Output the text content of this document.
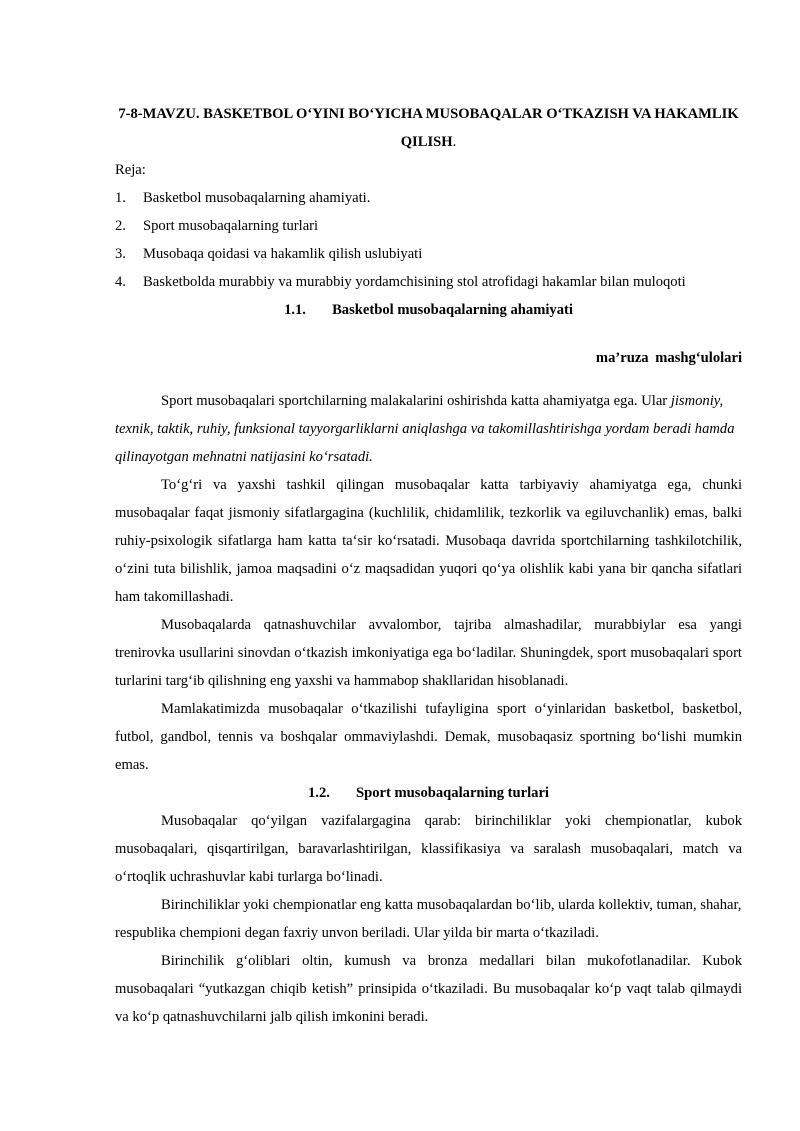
7-8-MAVZU. BASKETBOL O‘YINI BO‘YICHA MUSOBAQALAR O‘TKAZISH VA HAKAMLIK QILISH.

Reja:

1.	Basketbol musobaqalarning ahamiyati.
2.	Sport musobaqalarning turlari
3.	Musobaqa qoidasi va hakamlik qilish uslubiyati
4.	Basketbolda murabbiy va murabbiy yordamchisining stol atrofidagi hakamlar bilan muloqoti
1.1. Basketbol musobaqalarning ahamiyati

ma’ruza mashg‘ulolari

Sport musobaqalari sportchilarning malakalarini oshirishda katta ahamiyatga ega. Ular jismoniy, texnik, taktik, ruhiy, funksional tayyorgarliklarni aniqlashga va takomillashtirishga yordam beradi hamda qilinayotgan mehnatni natijasini ko‘rsatadi.

To‘g‘ri va yaxshi tashkil qilingan musobaqalar katta tarbiyaviy ahamiyatga ega, chunki musobaqalar faqat jismoniy sifatlargagina (kuchlilik, chidamlilik, tezkorlik va egiluvchanlik) emas, balki ruhiy-psixologik sifatlarga ham katta ta‘sir ko‘rsatadi. Musobaqa davrida sportchilarning tashkilotchilik, o‘zini tuta bilishlik, jamoa maqsadini o‘z maqsadidan yuqori qo‘ya olishlik kabi yana bir qancha sifatlari ham takomillashadi.

Musobaqalarda qatnashuvchilar avvalombor, tajriba almashadilar, murabbiylar esa yangi trenirovka usullarini sinovdan o‘tkazish imkoniyatiga ega bo‘ladilar. Shuningdek, sport musobaqalari sport turlarini targ‘ib qilishning eng yaxshi va hammabop shakllaridan hisoblanadi.

Mamlakatimizda musobaqalar o‘tkazilishi tufayligina sport o‘yinlaridan basketbol, basketbol, futbol, gandbol, tennis va boshqalar ommaviylashdi. Demak, musobaqasiz sportning bo‘lishi mumkin emas.

1.2. Sport musobaqalarning turlari

Musobaqalar qo‘yilgan vazifalargagina qarab: birinchiliklar yoki chempionatlar, kubok musobaqalari, qisqartirilgan, baravarlashtirilgan, klassifikasiya va saralash musobaqalari, match va o‘rtoqlik uchrashuvlar kabi turlarga bo‘linadi.

Birinchiliklar yoki chempionatlar eng katta musobaqalardan bo‘lib, ularda kollektiv, tuman, shahar, respublika chempioni degan faxriy unvon beriladi. Ular yilda bir marta o‘tkaziladi.

Birinchilik g‘oliblari oltin, kumush va bronza medallari bilan mukofotlanadilar. Kubok musobaqalari “yutkazgan chiqib ketish” prinsipida o‘tkaziladi. Bu musobaqalar ko‘p vaqt talab qilmaydi va ko‘p qatnashuvchilarni jalb qilish imkonini beradi.
